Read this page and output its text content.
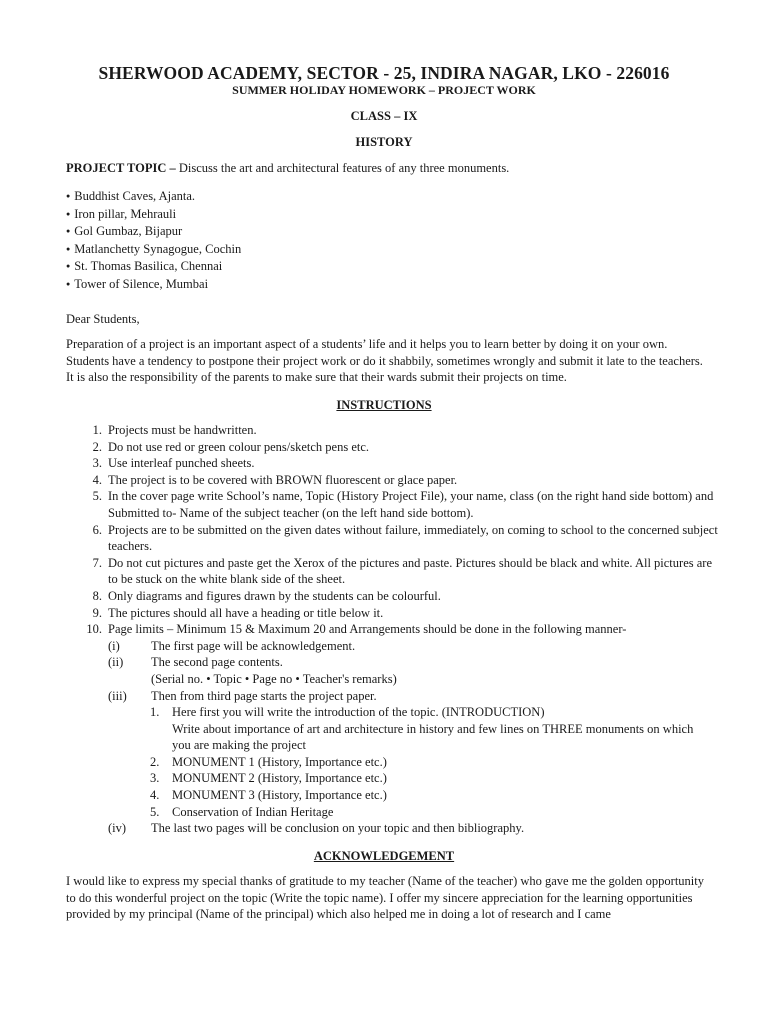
SHERWOOD ACADEMY, SECTOR - 25, INDIRA NAGAR, LKO - 226016
SUMMER HOLIDAY HOMEWORK – PROJECT WORK
CLASS – IX
HISTORY
PROJECT TOPIC – Discuss the art and architectural features of any three monuments.
● Buddhist Caves, Ajanta.
● Iron pillar, Mehrauli
● Gol Gumbaz, Bijapur
● Matlanchetty Synagogue, Cochin
● St. Thomas Basilica, Chennai
● Tower of Silence, Mumbai
Dear Students,
Preparation of a project is an important aspect of a students’ life and it helps you to learn better by doing it on your own. Students have a tendency to postpone their project work or do it shabbily, sometimes wrongly and submit it late to the teachers. It is also the responsibility of the parents to make sure that their wards submit their projects on time.
INSTRUCTIONS
1. Projects must be handwritten.
2. Do not use red or green colour pens/sketch pens etc.
3. Use interleaf punched sheets.
4. The project is to be covered with BROWN fluorescent or glace paper.
5. In the cover page write School’s name, Topic (History Project File), your name, class (on the right hand side bottom) and Submitted to- Name of the subject teacher (on the left hand side bottom).
6. Projects are to be submitted on the given dates without failure, immediately, on coming to school to the concerned subject teachers.
7. Do not cut pictures and paste get the Xerox of the pictures and paste. Pictures should be black and white. All pictures are to be stuck on the white blank side of the sheet.
8. Only diagrams and figures drawn by the students can be colourful.
9. The pictures should all have a heading or title below it.
10. Page limits – Minimum 15 & Maximum 20 and Arrangements should be done in the following manner-
(i) The first page will be acknowledgement.
(ii) The second page contents.
(Serial no. • Topic • Page no • Teacher's remarks)
(iii) Then from third page starts the project paper.
1. Here first you will write the introduction of the topic. (INTRODUCTION)
Write about importance of art and architecture in history and few lines on THREE monuments on which you are making the project
2. MONUMENT 1 (History, Importance etc.)
3. MONUMENT 2 (History, Importance etc.)
4. MONUMENT 3 (History, Importance etc.)
5. Conservation of Indian Heritage
(iv) The last two pages will be conclusion on your topic and then bibliography.
ACKNOWLEDGEMENT
I would like to express my special thanks of gratitude to my teacher (Name of the teacher) who gave me the golden opportunity to do this wonderful project on the topic (Write the topic name). I offer my sincere appreciation for the learning opportunities provided by my principal (Name of the principal) which also helped me in doing a lot of research and I came
